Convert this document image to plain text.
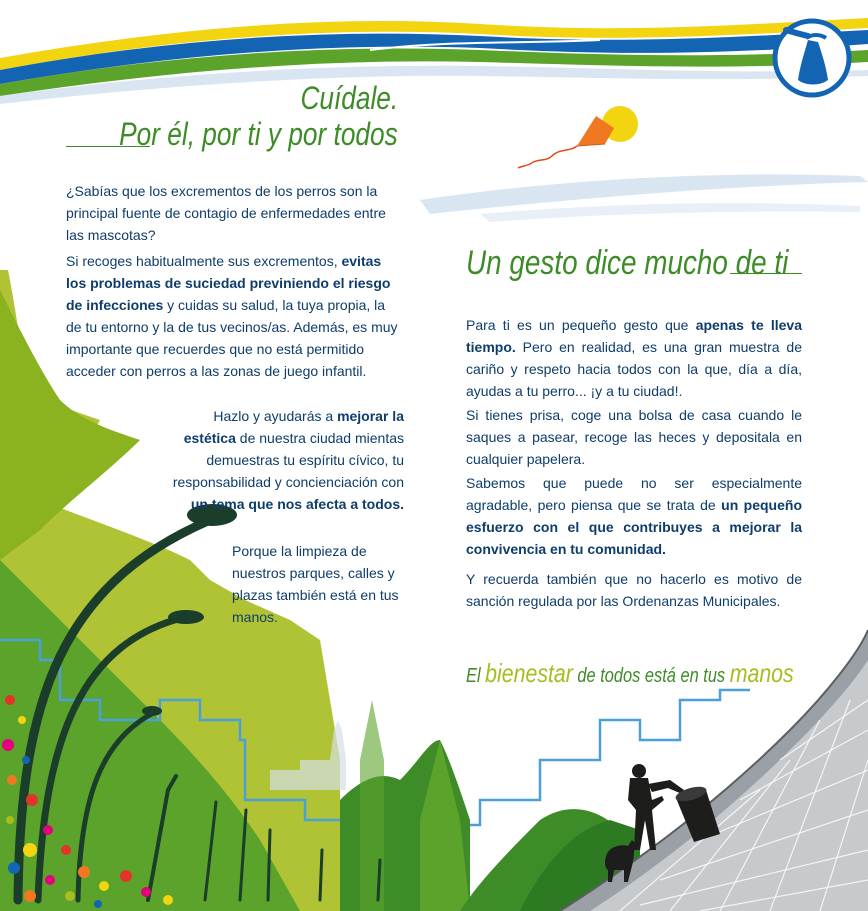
Cuídale.
Por él, por ti y por todos

¿Sabías que los excrementos de los perros son la principal fuente de contagio de enfermedades entre las mascotas?

Si recoges habitualmente sus excrementos, evitas los problemas de suciedad previniendo el riesgo de infecciones y cuidas su salud, la tuya propia, la de tu entorno y la de tus vecinos/as. Además, es muy importante que recuerdes que no está permitido acceder con perros a las zonas de juego infantil.

Hazlo y ayudarás a mejorar la estética de nuestra ciudad mientas demuestras tu espíritu cívico, tu responsabilidad y concienciación con un tema que nos afecta a todos.

Porque la limpieza de nuestros parques, calles y plazas también está en tus manos.

Un gesto dice mucho de ti

Para ti es un pequeño gesto que apenas te lleva tiempo. Pero en realidad, es una gran muestra de cariño y respeto hacia todos con la que, día a día, ayudas a tu perro... ¡y a tu ciudad!.

Si tienes prisa, coge una bolsa de casa cuando le saques a pasear, recoge las heces y depositala en cualquier papelera.

Sabemos que puede no ser especialmente agradable, pero piensa que se trata de un pequeño esfuerzo con el que contribuyes a mejorar la convivencia en tu comunidad.

Y recuerda también que no hacerlo es motivo de sanción regulada por las Ordenanzas Municipales.

El bienestar de todos está en tus manos
